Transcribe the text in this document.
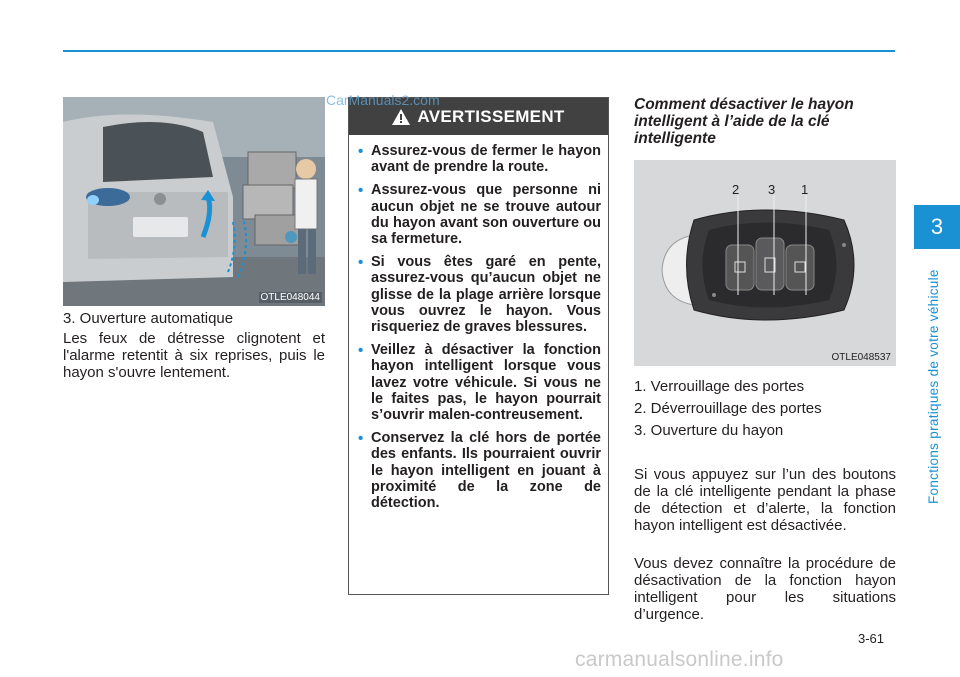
OTLE048044
3. Ouverture automatique
Les feux de détresse clignotent et l'alarme retentit à six reprises, puis le hayon s'ouvre lentement.
AVERTISSEMENT
• Assurez-vous de fermer le hayon avant de prendre la route.
• Assurez-vous que personne ni aucun objet ne se trouve autour du hayon avant son ouverture ou sa fermeture.
• Si vous êtes garé en pente, assurez-vous qu’aucun objet ne glisse de la plage arrière lorsque vous ouvrez le hayon. Vous risqueriez de graves blessures.
• Veillez à désactiver la fonction hayon intelligent lorsque vous lavez votre véhicule. Si vous ne le faites pas, le hayon pourrait s’ouvrir malen-contreusement.
• Conservez la clé hors de portée des enfants. Ils pourraient ouvrir le hayon intelligent en jouant à proximité de la zone de détection.
Comment désactiver le hayon intelligent à l’aide de la clé intelligente
2 3 1
OTLE048537
1. Verrouillage des portes
2. Déverrouillage des portes
3. Ouverture du hayon
Si vous appuyez sur l’un des boutons de la clé intelligente pendant la phase de détection et d’alerte, la fonction hayon intelligent est désactivée.
Vous devez connaître la procédure de désactivation de la fonction hayon intelligent pour les situations d’urgence.
3
Fonctions pratiques de votre véhicule
3-61
CarManuals2.com
carmanualsonline.info
